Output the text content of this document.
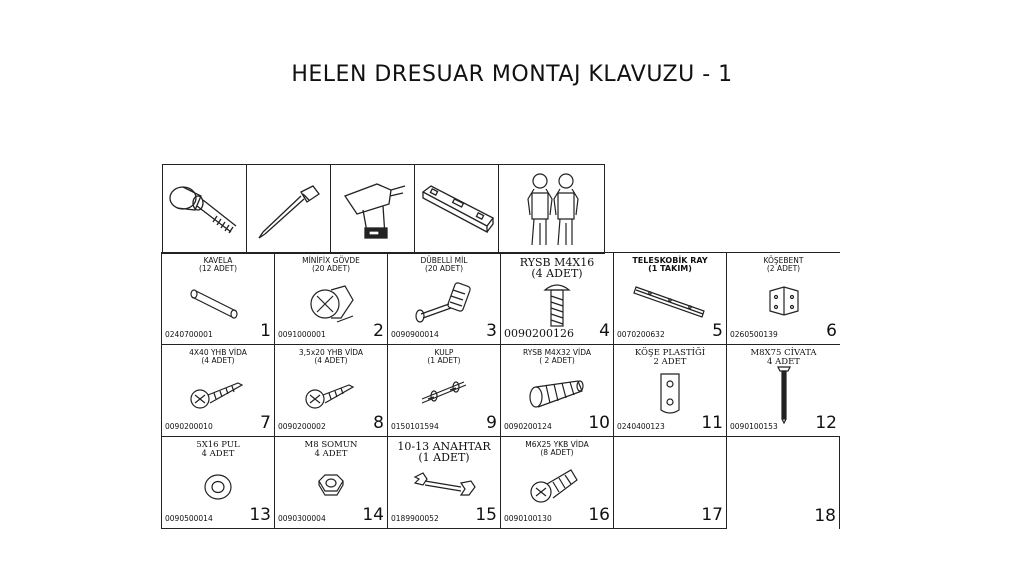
HELEN DRESUAR MONTAJ KLAVUZU - 1
KAVELA
(12 ADET)
0240700001	1
MİNİFİX GÖVDE
(20 ADET)
0091000001	2
DÜBELLİ MİL
(20 ADET)
0090900014	3
RYSB M4X16
(4 ADET)
0090200126 4
TELESKOBİK RAY
(1 TAKIM)
0070200632	5
KÖŞEBENT
(2 ADET)
0260500139	6
4X40 YHB VİDA
(4 ADET)
0090200010	7
3,5x20 YHB VİDA
(4 ADET)
0090200002	8
KULP
(1 ADET)
0150101594	9
RYSB M4X32 VİDA
( 2 ADET)
0090200124 10
KÖŞE PLASTİĞİ
2 ADET
0240400123 11
M8X75 CİVATA
4 ADET
0090100153 12
5X16 PUL
4 ADET
0090500014 13
M8 SOMUN
4 ADET
0090300004 14
10-13 ANAHTAR
(1 ADET)
0189900052 15
M6X25 YKB VİDA
(8 ADET)
0090100130 16	17	18
